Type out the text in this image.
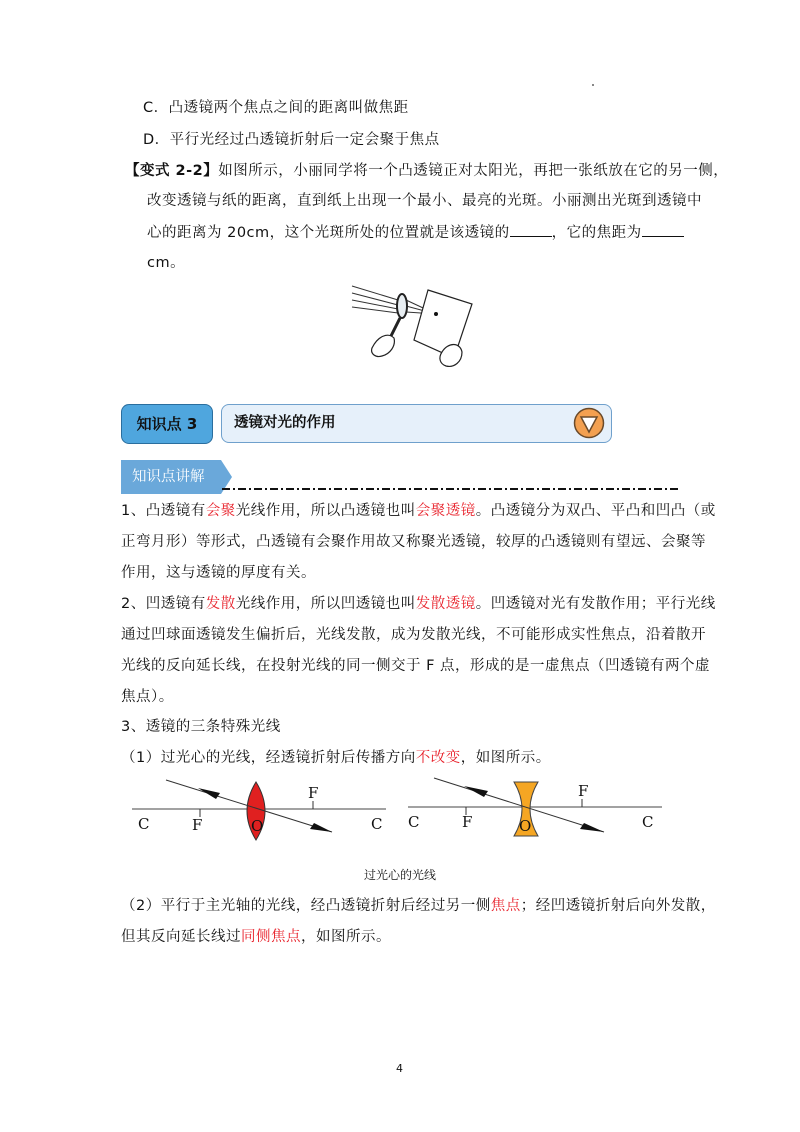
C．凸透镜两个焦点之间的距离叫做焦距
D．平行光经过凸透镜折射后一定会聚于焦点
【变式 2-2】如图所示，小丽同学将一个凸透镜正对太阳光，再把一张纸放在它的另一侧，
改变透镜与纸的距离，直到纸上出现一个最小、最亮的光斑。小丽测出光斑到透镜中
心的距离为 20cm，这个光斑所处的位置就是该透镜的	，它的焦距为
cm。
知识点 3	透镜对光的作用
知识点讲解
1、凸透镜有会聚光线作用，所以凸透镜也叫会聚透镜。凸透镜分为双凸、平凸和凹凸（或
正弯月形）等形式，凸透镜有会聚作用故又称聚光透镜，较厚的凸透镜则有望远、会聚等
作用，这与透镜的厚度有关。
2、凹透镜有发散光线作用，所以凹透镜也叫发散透镜。凹透镜对光有发散作用；平行光线
通过凹球面透镜发生偏折后，光线发散，成为发散光线，不可能形成实性焦点，沿着散开
光线的反向延长线，在投射光线的同一侧交于 F 点，形成的是一虚焦点（凹透镜有两个虚
焦点）。
3、透镜的三条特殊光线
（1）过光心的光线，经透镜折射后传播方向不改变，如图所示。
C	F	O
F
C C	F	O
F
C
过光心的光线
（2）平行于主光轴的光线，经凸透镜折射后经过另一侧焦点；经凹透镜折射后向外发散，
但其反向延长线过同侧焦点，如图所示。
4
